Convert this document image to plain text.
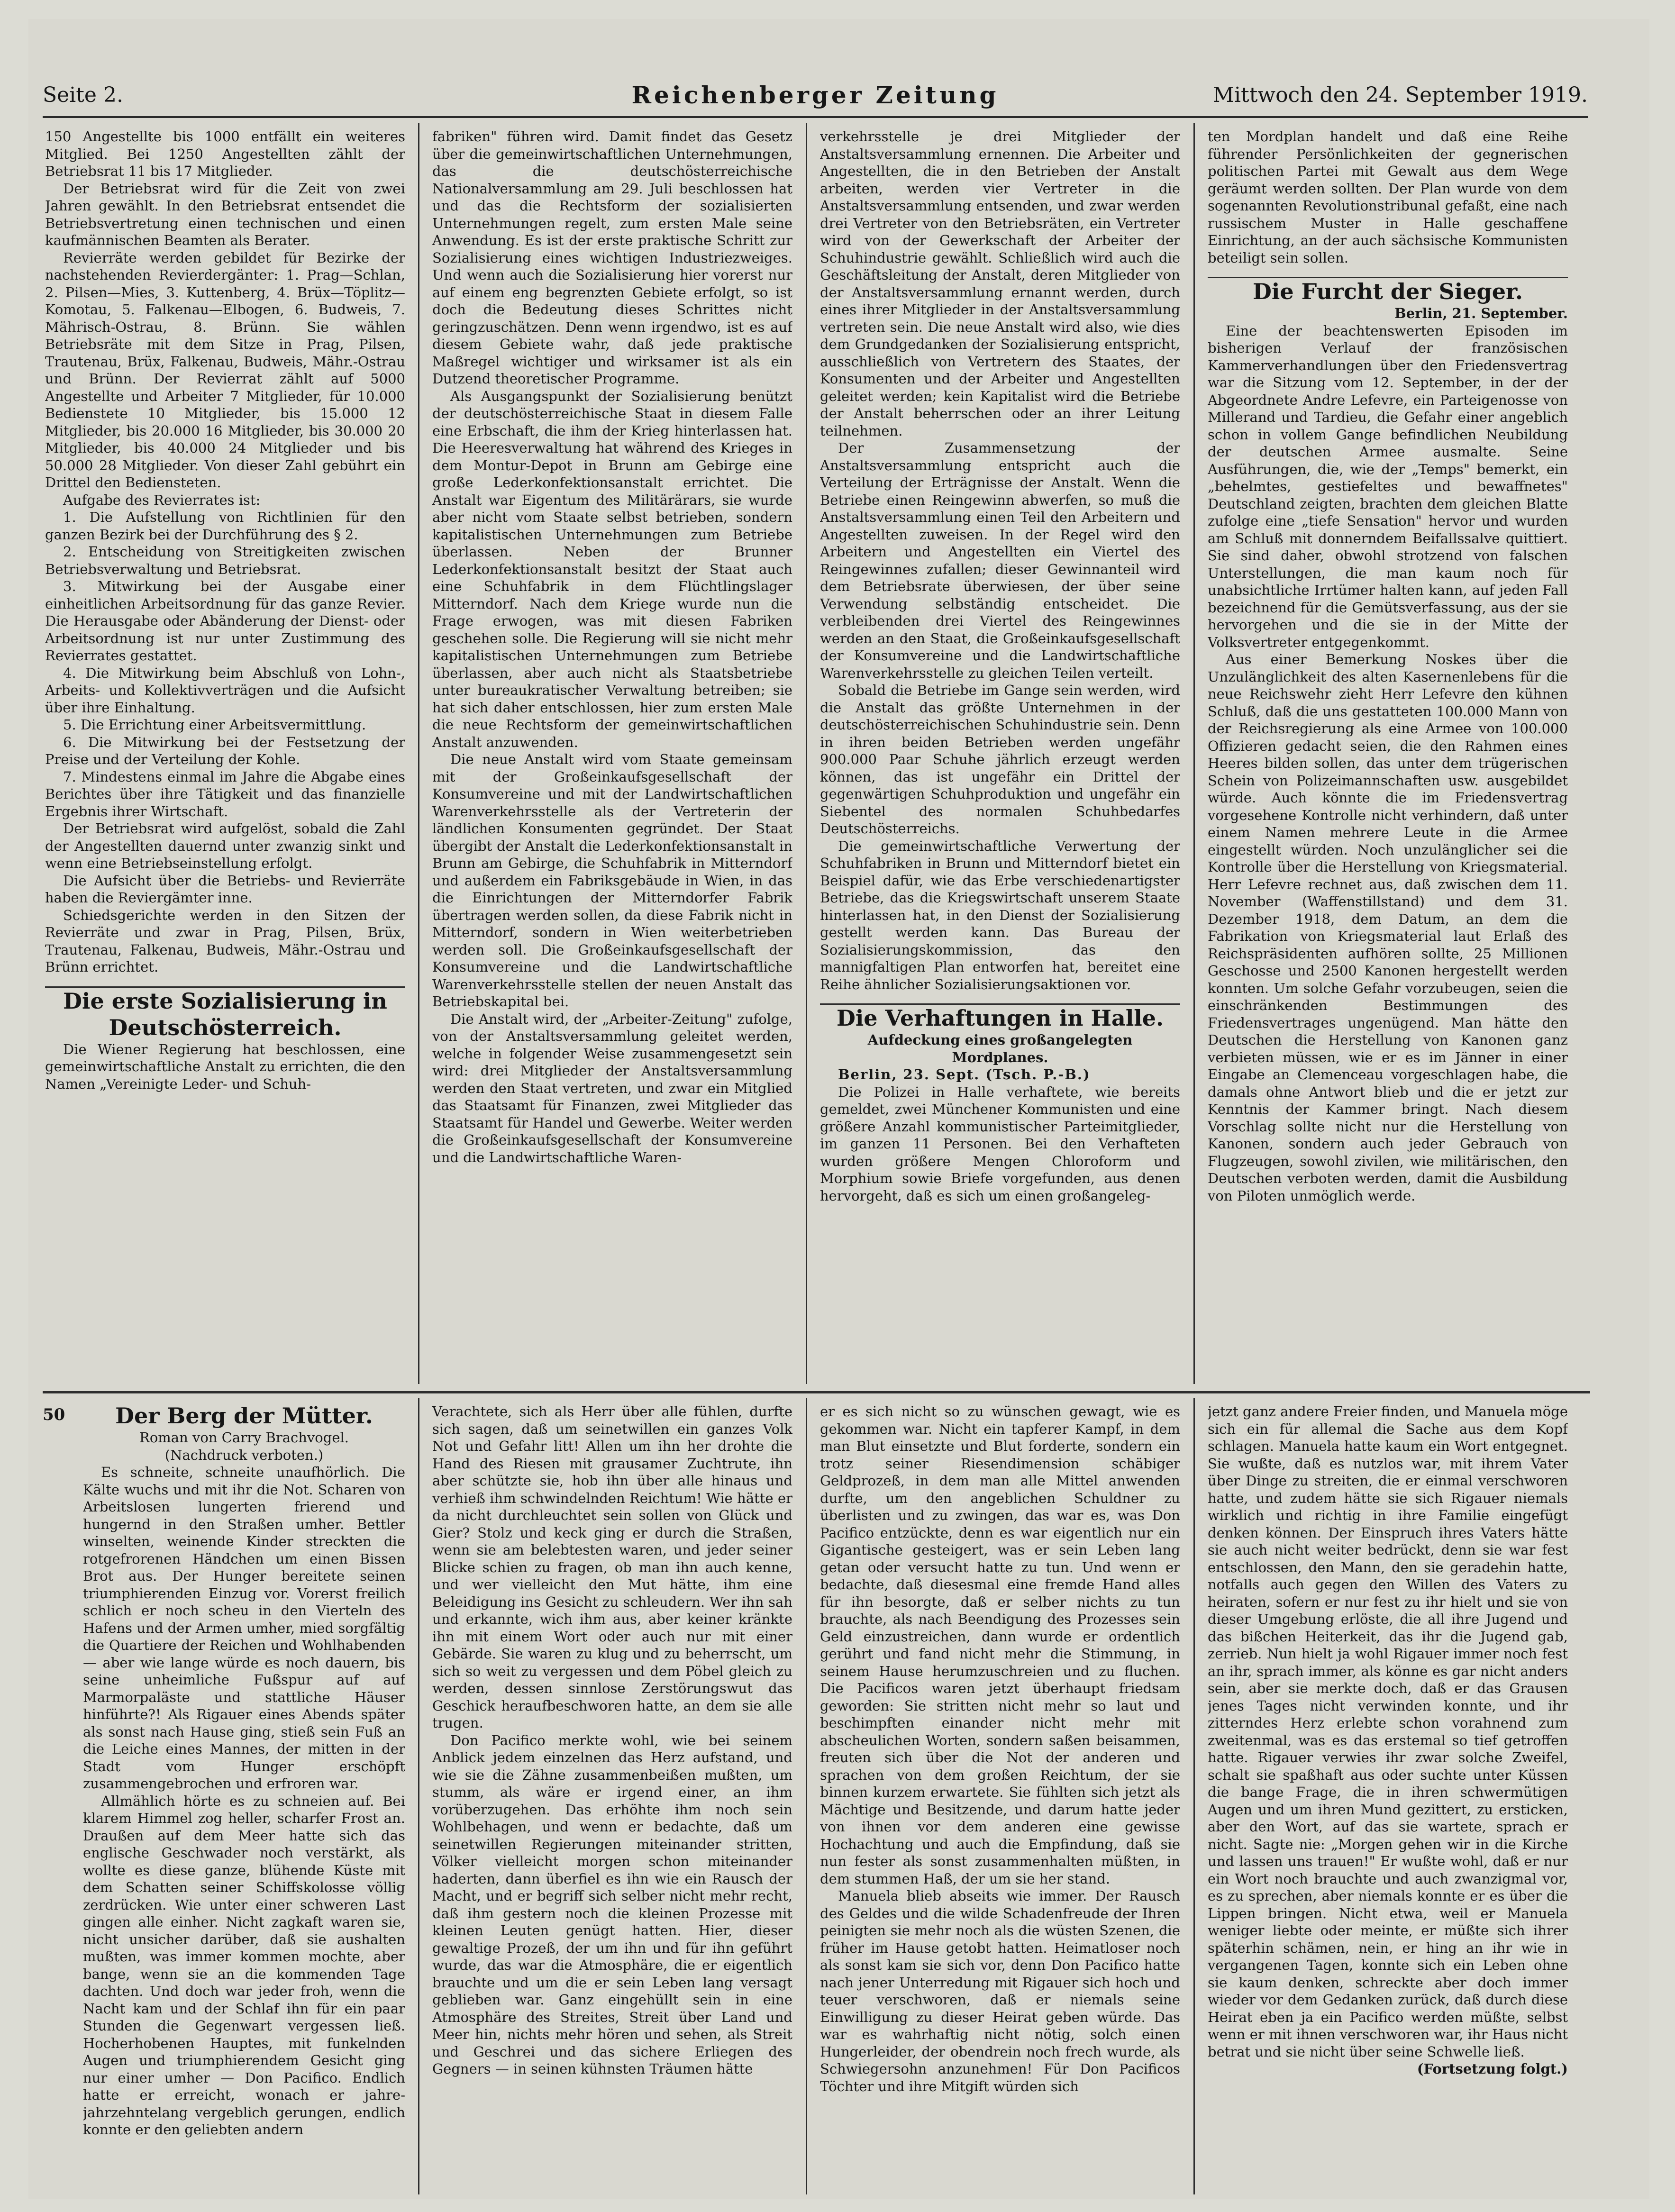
Seite 2.	Reichenberger Zeitung	Mittwoch den 24. September 1919.

150 Angestellte bis 1000 entfällt ein weiteres Mitglied. Bei 1250 Angestellten zählt der Betriebsrat 11 bis 17 Mitglieder.

Der Betriebsrat wird für die Zeit von zwei Jahren gewählt. In den Betriebsrat entsendet die Betriebsvertretung einen technischen und einen kaufmännischen Beamten als Berater.

Revierräte werden gebildet für Bezirke der nachstehenden Revierdergänter: 1. Prag—Schlan, 2. Pilsen—Mies, 3. Kuttenberg, 4. Brüx—Töplitz—Komotau, 5. Falkenau—Elbogen, 6. Budweis, 7. Mährisch-Ostrau, 8. Brünn. Sie wählen Betriebsräte mit dem Sitze in Prag, Pilsen, Trautenau, Brüx, Falkenau, Budweis, Mähr.-Ostrau und Brünn. Der Revierrat zählt auf 5000 Angestellte und Arbeiter 7 Mitglieder, für 10.000 Bedienstete 10 Mitglieder, bis 15.000 12 Mitglieder, bis 20.000 16 Mitglieder, bis 30.000 20 Mitglieder, bis 40.000 24 Mitglieder und bis 50.000 28 Mitglieder. Von dieser Zahl gebührt ein Drittel den Bediensteten.

Aufgabe des Revierrates ist:

1. Die Aufstellung von Richtlinien für den ganzen Bezirk bei der Durchführung des § 2.

2. Entscheidung von Streitigkeiten zwischen Betriebsverwaltung und Betriebsrat.

3. Mitwirkung bei der Ausgabe einer einheitlichen Arbeitsordnung für das ganze Revier. Die Herausgabe oder Abänderung der Dienst- oder Arbeitsordnung ist nur unter Zustimmung des Revierrates gestattet.

4. Die Mitwirkung beim Abschluß von Lohn-, Arbeits- und Kollektivverträgen und die Aufsicht über ihre Einhaltung.

5. Die Errichtung einer Arbeitsvermittlung.

6. Die Mitwirkung bei der Festsetzung der Preise und der Verteilung der Kohle.

7. Mindestens einmal im Jahre die Abgabe eines Berichtes über ihre Tätigkeit und das finanzielle Ergebnis ihrer Wirtschaft.

Der Betriebsrat wird aufgelöst, sobald die Zahl der Angestellten dauernd unter zwanzig sinkt und wenn eine Betriebseinstellung erfolgt.

Die Aufsicht über die Betriebs- und Revierräte haben die Reviergämter inne.

Schiedsgerichte werden in den Sitzen der Revierräte und zwar in Prag, Pilsen, Brüx, Trautenau, Falkenau, Budweis, Mähr.-Ostrau und Brünn errichtet.

Die erste Sozialisierung in Deutschösterreich.

Die Wiener Regierung hat beschlossen, eine gemeinwirtschaftliche Anstalt zu errichten, die den Namen „Vereinigte Leder- und Schuh-

fabriken" führen wird. Damit findet das Gesetz über die gemeinwirtschaftlichen Unternehmungen, das die deutschösterreichische Nationalversammlung am 29. Juli beschlossen hat und das die Rechtsform der sozialisierten Unternehmungen regelt, zum ersten Male seine Anwendung. Es ist der erste praktische Schritt zur Sozialisierung eines wichtigen Industriezweiges. Und wenn auch die Sozialisierung hier vorerst nur auf einem eng begrenzten Gebiete erfolgt, so ist doch die Bedeutung dieses Schrittes nicht geringzuschätzen. Denn wenn irgendwo, ist es auf diesem Gebiete wahr, daß jede praktische Maßregel wichtiger und wirksamer ist als ein Dutzend theoretischer Programme.

Als Ausgangspunkt der Sozialisierung benützt der deutschösterreichische Staat in diesem Falle eine Erbschaft, die ihm der Krieg hinterlassen hat. Die Heeresverwaltung hat während des Krieges in dem Montur-Depot in Brunn am Gebirge eine große Lederkonfektionsanstalt errichtet. Die Anstalt war Eigentum des Militärärars, sie wurde aber nicht vom Staate selbst betrieben, sondern kapitalistischen Unternehmungen zum Betriebe überlassen. Neben der Brunner Lederkonfektionsanstalt besitzt der Staat auch eine Schuhfabrik in dem Flüchtlingslager Mitterndorf. Nach dem Kriege wurde nun die Frage erwogen, was mit diesen Fabriken geschehen solle. Die Regierung will sie nicht mehr kapitalistischen Unternehmungen zum Betriebe überlassen, aber auch nicht als Staatsbetriebe unter bureaukratischer Verwaltung betreiben; sie hat sich daher entschlossen, hier zum ersten Male die neue Rechtsform der gemeinwirtschaftlichen Anstalt anzuwenden.

Die neue Anstalt wird vom Staate gemeinsam mit der Großeinkaufsgesellschaft der Konsumvereine und mit der Landwirtschaftlichen Warenverkehrsstelle als der Vertreterin der ländlichen Konsumenten gegründet. Der Staat übergibt der Anstalt die Lederkonfektionsanstalt in Brunn am Gebirge, die Schuhfabrik in Mitterndorf und außerdem ein Fabriksgebäude in Wien, in das die Einrichtungen der Mitterndorfer Fabrik übertragen werden sollen, da diese Fabrik nicht in Mitterndorf, sondern in Wien weiterbetrieben werden soll. Die Großeinkaufsgesellschaft der Konsumvereine und die Landwirtschaftliche Warenverkehrsstelle stellen der neuen Anstalt das Betriebskapital bei.

Die Anstalt wird, der „Arbeiter-Zeitung" zufolge, von der Anstaltsversammlung geleitet werden, welche in folgender Weise zusammengesetzt sein wird: drei Mitglieder der Anstaltsversammlung werden den Staat vertreten, und zwar ein Mitglied das Staatsamt für Finanzen, zwei Mitglieder das Staatsamt für Handel und Gewerbe. Weiter werden die Großeinkaufsgesellschaft der Konsumvereine und die Landwirtschaftliche Waren-

verkehrsstelle je drei Mitglieder der Anstaltsversammlung ernennen. Die Arbeiter und Angestellten, die in den Betrieben der Anstalt arbeiten, werden vier Vertreter in die Anstaltsversammlung entsenden, und zwar werden drei Vertreter von den Betriebsräten, ein Vertreter wird von der Gewerkschaft der Arbeiter der Schuhindustrie gewählt. Schließlich wird auch die Geschäftsleitung der Anstalt, deren Mitglieder von der Anstaltsversammlung ernannt werden, durch eines ihrer Mitglieder in der Anstaltsversammlung vertreten sein. Die neue Anstalt wird also, wie dies dem Grundgedanken der Sozialisierung entspricht, ausschließlich von Vertretern des Staates, der Konsumenten und der Arbeiter und Angestellten geleitet werden; kein Kapitalist wird die Betriebe der Anstalt beherrschen oder an ihrer Leitung teilnehmen.

Der Zusammensetzung der Anstaltsversammlung entspricht auch die Verteilung der Erträgnisse der Anstalt. Wenn die Betriebe einen Reingewinn abwerfen, so muß die Anstaltsversammlung einen Teil den Arbeitern und Angestellten zuweisen. In der Regel wird den Arbeitern und Angestellten ein Viertel des Reingewinnes zufallen; dieser Gewinnanteil wird dem Betriebsrate überwiesen, der über seine Verwendung selbständig entscheidet. Die verbleibenden drei Viertel des Reingewinnes werden an den Staat, die Großeinkaufsgesellschaft der Konsumvereine und die Landwirtschaftliche Warenverkehrsstelle zu gleichen Teilen verteilt.

Sobald die Betriebe im Gange sein werden, wird die Anstalt das größte Unternehmen in der deutschösterreichischen Schuhindustrie sein. Denn in ihren beiden Betrieben werden ungefähr 900.000 Paar Schuhe jährlich erzeugt werden können, das ist ungefähr ein Drittel der gegenwärtigen Schuhproduktion und ungefähr ein Siebentel des normalen Schuhbedarfes Deutschösterreichs.

Die gemeinwirtschaftliche Verwertung der Schuhfabriken in Brunn und Mitterndorf bietet ein Beispiel dafür, wie das Erbe verschiedenartigster Betriebe, das die Kriegswirtschaft unserem Staate hinterlassen hat, in den Dienst der Sozialisierung gestellt werden kann. Das Bureau der Sozialisierungskommission, das den mannigfaltigen Plan entworfen hat, bereitet eine Reihe ähnlicher Sozialisierungsaktionen vor.

Die Verhaftungen in Halle.

Aufdeckung eines großangelegten Mordplanes.

Berlin, 23. Sept. (Tsch. P.-B.)

Die Polizei in Halle verhaftete, wie bereits gemeldet, zwei Münchener Kommunisten und eine größere Anzahl kommunistischer Parteimitglieder, im ganzen 11 Personen. Bei den Verhafteten wurden größere Mengen Chloroform und Morphium sowie Briefe vorgefunden, aus denen hervorgeht, daß es sich um einen großangeleg-

ten Mordplan handelt und daß eine Reihe führender Persönlichkeiten der gegnerischen politischen Partei mit Gewalt aus dem Wege geräumt werden sollten. Der Plan wurde von dem sogenannten Revolutionstribunal gefaßt, eine nach russischem Muster in Halle geschaffene Einrichtung, an der auch sächsische Kommunisten beteiligt sein sollen.

Die Furcht der Sieger.

Berlin, 21. September.

Eine der beachtenswerten Episoden im bisherigen Verlauf der französischen Kammerverhandlungen über den Friedensvertrag war die Sitzung vom 12. September, in der der Abgeordnete Andre Lefevre, ein Parteigenosse von Millerand und Tardieu, die Gefahr einer angeblich schon in vollem Gange befindlichen Neubildung der deutschen Armee ausmalte. Seine Ausführungen, die, wie der „Temps" bemerkt, ein „behelmtes, gestiefeltes und bewaffnetes" Deutschland zeigten, brachten dem gleichen Blatte zufolge eine „tiefe Sensation" hervor und wurden am Schluß mit donnerndem Beifallssalve quittiert. Sie sind daher, obwohl strotzend von falschen Unterstellungen, die man kaum noch für unabsichtliche Irrtümer halten kann, auf jeden Fall bezeichnend für die Gemütsverfassung, aus der sie hervorgehen und die sie in der Mitte der Volksvertreter entgegenkommt.

Aus einer Bemerkung Noskes über die Unzulänglichkeit des alten Kasernenlebens für die neue Reichswehr zieht Herr Lefevre den kühnen Schluß, daß die uns gestatteten 100.000 Mann von der Reichsregierung als eine Armee von 100.000 Offizieren gedacht seien, die den Rahmen eines Heeres bilden sollen, das unter dem trügerischen Schein von Polizeimannschaften usw. ausgebildet würde. Auch könnte die im Friedensvertrag vorgesehene Kontrolle nicht verhindern, daß unter einem Namen mehrere Leute in die Armee eingestellt würden. Noch unzulänglicher sei die Kontrolle über die Herstellung von Kriegsmaterial. Herr Lefevre rechnet aus, daß zwischen dem 11. November (Waffenstillstand) und dem 31. Dezember 1918, dem Datum, an dem die Fabrikation von Kriegsmaterial laut Erlaß des Reichspräsidenten aufhören sollte, 25 Millionen Geschosse und 2500 Kanonen hergestellt werden konnten. Um solche Gefahr vorzubeugen, seien die einschränkenden Bestimmungen des Friedensvertrages ungenügend. Man hätte den Deutschen die Herstellung von Kanonen ganz verbieten müssen, wie er es im Jänner in einer Eingabe an Clemenceau vorgeschlagen habe, die damals ohne Antwort blieb und die er jetzt zur Kenntnis der Kammer bringt. Nach diesem Vorschlag sollte nicht nur die Herstellung von Kanonen, sondern auch jeder Gebrauch von Flugzeugen, sowohl zivilen, wie militärischen, den Deutschen verboten werden, damit die Ausbildung von Piloten unmöglich werde.

50	Der Berg der Mütter.

Roman von Carry Brachvogel.

(Nachdruck verboten.)

Es schneite, schneite unaufhörlich. Die Kälte wuchs und mit ihr die Not. Scharen von Arbeitslosen lungerten frierend und hungernd in den Straßen umher. Bettler winselten, weinende Kinder streckten die rotgefrorenen Händchen um einen Bissen Brot aus. Der Hunger bereitete seinen triumphierenden Einzug vor. Vorerst freilich schlich er noch scheu in den Vierteln des Hafens und der Armen umher, mied sorgfältig die Quartiere der Reichen und Wohlhabenden — aber wie lange würde es noch dauern, bis seine unheimliche Fußspur auf auf Marmorpaläste und stattliche Häuser hinführte?! Als Rigauer eines Abends später als sonst nach Hause ging, stieß sein Fuß an die Leiche eines Mannes, der mitten in der Stadt vom Hunger erschöpft zusammengebrochen und erfroren war.

Allmählich hörte es zu schneien auf. Bei klarem Himmel zog heller, scharfer Frost an. Draußen auf dem Meer hatte sich das englische Geschwader noch verstärkt, als wollte es diese ganze, blühende Küste mit dem Schatten seiner Schiffskolosse völlig zerdrücken. Wie unter einer schweren Last gingen alle einher. Nicht zagkaft waren sie, nicht unsicher darüber, daß sie aushalten mußten, was immer kommen mochte, aber bange, wenn sie an die kommenden Tage dachten. Und doch war jeder froh, wenn die Nacht kam und der Schlaf ihn für ein paar Stunden die Gegenwart vergessen ließ. Hocherhobenen Hauptes, mit funkelnden Augen und triumphierendem Gesicht ging nur einer umher — Don Pacifico. Endlich hatte er erreicht, wonach er jahre-jahrzehntelang vergeblich gerungen, endlich konnte er den geliebten andern

Verachtete, sich als Herr über alle fühlen, durfte sich sagen, daß um seinetwillen ein ganzes Volk Not und Gefahr litt! Allen um ihn her drohte die Hand des Riesen mit grausamer Zuchtrute, ihn aber schützte sie, hob ihn über alle hinaus und verhieß ihm schwindelnden Reichtum! Wie hätte er da nicht durchleuchtet sein sollen von Glück und Gier? Stolz und keck ging er durch die Straßen, wenn sie am belebtesten waren, und jeder seiner Blicke schien zu fragen, ob man ihn auch kenne, und wer vielleicht den Mut hätte, ihm eine Beleidigung ins Gesicht zu schleudern. Wer ihn sah und erkannte, wich ihm aus, aber keiner kränkte ihn mit einem Wort oder auch nur mit einer Gebärde. Sie waren zu klug und zu beherrscht, um sich so weit zu vergessen und dem Pöbel gleich zu werden, dessen sinnlose Zerstörungswut das Geschick heraufbeschworen hatte, an dem sie alle trugen.

Don Pacifico merkte wohl, wie bei seinem Anblick jedem einzelnen das Herz aufstand, und wie sie die Zähne zusammenbeißen mußten, um stumm, als wäre er irgend einer, an ihm vorüberzugehen. Das erhöhte ihm noch sein Wohlbehagen, und wenn er bedachte, daß um seinetwillen Regierungen miteinander stritten, Völker vielleicht morgen schon miteinander haderten, dann überfiel es ihn wie ein Rausch der Macht, und er begriff sich selber nicht mehr recht, daß ihm gestern noch die kleinen Prozesse mit kleinen Leuten genügt hatten. Hier, dieser gewaltige Prozeß, der um ihn und für ihn geführt wurde, das war die Atmosphäre, die er eigentlich brauchte und um die er sein Leben lang versagt geblieben war. Ganz eingehüllt sein in eine Atmosphäre des Streites, Streit über Land und Meer hin, nichts mehr hören und sehen, als Streit und Geschrei und das sichere Erliegen des Gegners — in seinen kühnsten Träumen hätte

er es sich nicht so zu wünschen gewagt, wie es gekommen war. Nicht ein tapferer Kampf, in dem man Blut einsetzte und Blut forderte, sondern ein trotz seiner Riesendimension schäbiger Geldprozeß, in dem man alle Mittel anwenden durfte, um den angeblichen Schuldner zu überlisten und zu zwingen, das war es, was Don Pacifico entzückte, denn es war eigentlich nur ein Gigantische gesteigert, was er sein Leben lang getan oder versucht hatte zu tun. Und wenn er bedachte, daß diesesmal eine fremde Hand alles für ihn besorgte, daß er selber nichts zu tun brauchte, als nach Beendigung des Prozesses sein Geld einzustreichen, dann wurde er ordentlich gerührt und fand nicht mehr die Stimmung, in seinem Hause herumzuschreien und zu fluchen. Die Pacificos waren jetzt überhaupt friedsam geworden: Sie stritten nicht mehr so laut und beschimpften einander nicht mehr mit abscheulichen Worten, sondern saßen beisammen, freuten sich über die Not der anderen und sprachen von dem großen Reichtum, der sie binnen kurzem erwartete. Sie fühlten sich jetzt als Mächtige und Besitzende, und darum hatte jeder von ihnen vor dem anderen eine gewisse Hochachtung und auch die Empfindung, daß sie nun fester als sonst zusammenhalten müßten, in dem stummen Haß, der um sie her stand.

Manuela blieb abseits wie immer. Der Rausch des Geldes und die wilde Schadenfreude der Ihren peinigten sie mehr noch als die wüsten Szenen, die früher im Hause getobt hatten. Heimatloser noch als sonst kam sie sich vor, denn Don Pacifico hatte nach jener Unterredung mit Rigauer sich hoch und teuer verschworen, daß er niemals seine Einwilligung zu dieser Heirat geben würde. Das war es wahrhaftig nicht nötig, solch einen Hungerleider, der obendrein noch frech wurde, als Schwiegersohn anzunehmen! Für Don Pacificos Töchter und ihre Mitgift würden sich

jetzt ganz andere Freier finden, und Manuela möge sich ein für allemal die Sache aus dem Kopf schlagen. Manuela hatte kaum ein Wort entgegnet. Sie wußte, daß es nutzlos war, mit ihrem Vater über Dinge zu streiten, die er einmal verschworen hatte, und zudem hätte sie sich Rigauer niemals wirklich und richtig in ihre Familie eingefügt denken können. Der Einspruch ihres Vaters hätte sie auch nicht weiter bedrückt, denn sie war fest entschlossen, den Mann, den sie geradehin hatte, notfalls auch gegen den Willen des Vaters zu heiraten, sofern er nur fest zu ihr hielt und sie von dieser Umgebung erlöste, die all ihre Jugend und das bißchen Heiterkeit, das ihr die Jugend gab, zerrieb. Nun hielt ja wohl Rigauer immer noch fest an ihr, sprach immer, als könne es gar nicht anders sein, aber sie merkte doch, daß er das Grausen jenes Tages nicht verwinden konnte, und ihr zitterndes Herz erlebte schon vorahnend zum zweitenmal, was es das erstemal so tief getroffen hatte. Rigauer verwies ihr zwar solche Zweifel, schalt sie spaßhaft aus oder suchte unter Küssen die bange Frage, die in ihren schwermütigen Augen und um ihren Mund gezittert, zu ersticken, aber den Wort, auf das sie wartete, sprach er nicht. Sagte nie: „Morgen gehen wir in die Kirche und lassen uns trauen!" Er wußte wohl, daß er nur ein Wort noch brauchte und auch zwanzigmal vor, es zu sprechen, aber niemals konnte er es über die Lippen bringen. Nicht etwa, weil er Manuela weniger liebte oder meinte, er müßte sich ihrer späterhin schämen, nein, er hing an ihr wie in vergangenen Tagen, konnte sich ein Leben ohne sie kaum denken, schreckte aber doch immer wieder vor dem Gedanken zurück, daß durch diese Heirat eben ja ein Pacifico werden müßte, selbst wenn er mit ihnen verschworen war, ihr Haus nicht betrat und sie nicht über seine Schwelle ließ.

(Fortsetzung folgt.)
